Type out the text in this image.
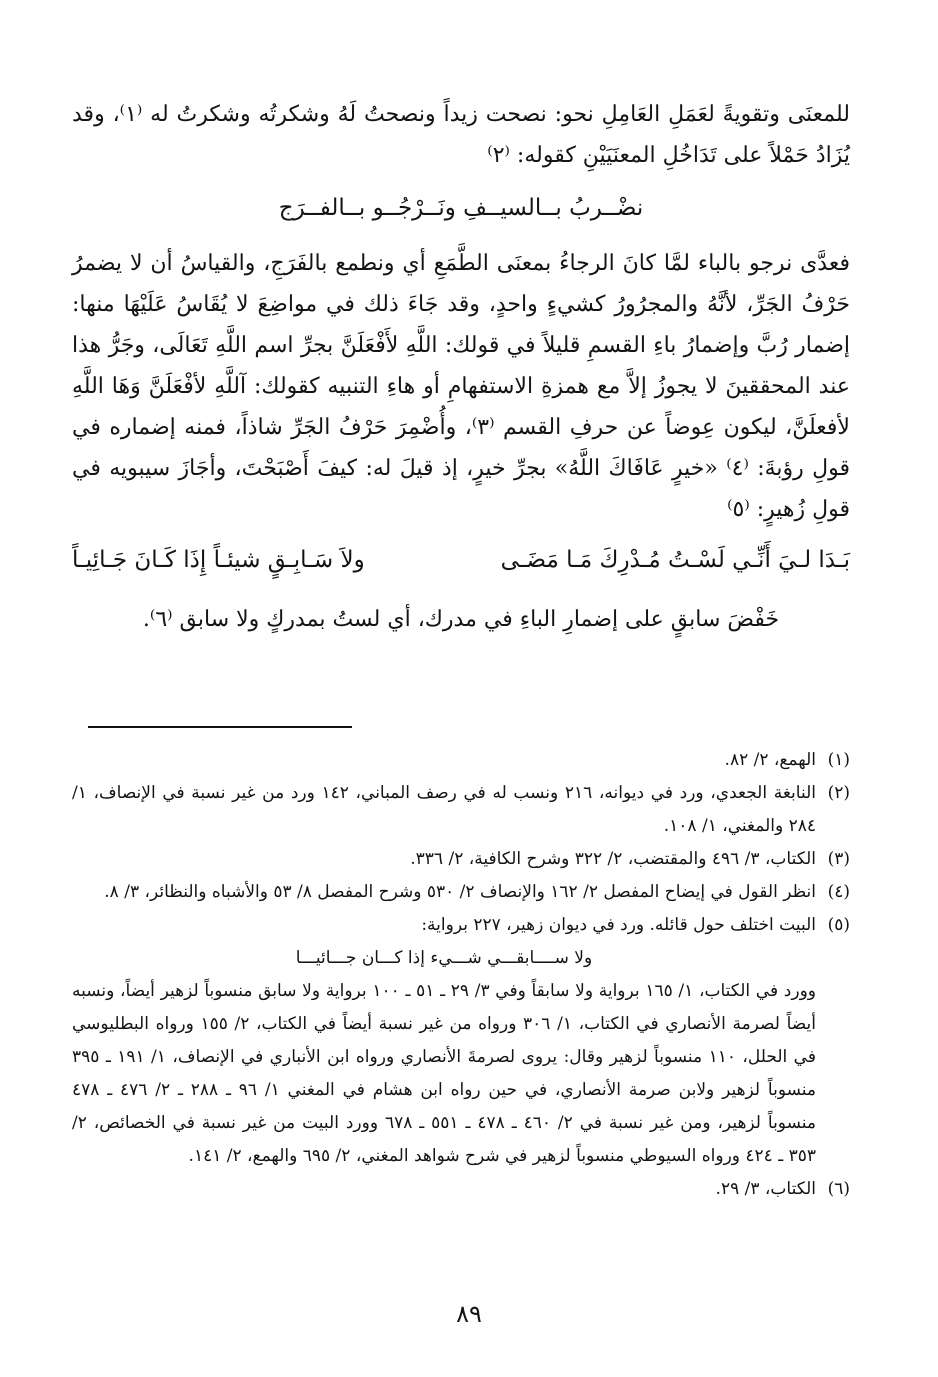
للمعنَى وتقويةً لعَمَلِ العَامِلِ نحو: نصحت زيداً ونصحتُ لَهُ وشكرتُه وشكرتُ له ⁽١⁾، وقد يُزَادُ حَمْلاً على تَدَاخُلِ المعنَيَيْنِ كقوله: ⁽٢⁾

نضْــربُ بــالسيــفِ ونَــرْجُــو بــالفــرَج

فعدَّى نرجو بالباء لمَّا كانَ الرجاءُ بمعنَى الطَّمَعِ أي ونطمع بالفَرَجِ، والقياسُ أن لا يضمرُ حَرْفُ الجَرِّ، لأنَّهُ والمجرُورُ كشيءٍ واحدٍ، وقد جَاءَ ذلك في مواضِعَ لا يُقَاسُ عَلَيْهَا منها: إضمار رُبَّ وإضمارُ باءِ القسمِ قليلاً في قولك: اللَّهِ لأَفْعَلَنَّ بجرِّ اسم اللَّهِ تَعَالَى، وجَرُّ هذا عند المحققينَ لا يجوزُ إلاَّ مع همزةِ الاستفهامِ أو هاءِ التنبيه كقولك: آللَّهِ لأفْعَلَنَّ وَهَا اللَّهِ لأفعلَنَّ، ليكون عِوضاً عن حرفِ القسم ⁽٣⁾، وأُضْمِرَ حَرْفُ الجَرِّ شاذاً، فمنه إضماره في قولِ رؤبةَ: ⁽٤⁾ «خيرٍ عَافَاكَ اللَّهُ» بجرِّ خيرٍ، إذ قيلَ له: كيفَ أَصْبَحْتَ، وأجَازَ سيبويه في قولِ زُهيرٍ: ⁽٥⁾

بَـدَا لـيَ أَنِّـي لَسْـتُ مُـدْرِكَ مَـا مَضَـى
ولاَ سَـابِـقٍ شيئـاً إِذَا كَـانَ جَـائِيـاً

خَفْضَ سابقٍ على إضمارِ الباءِ في مدرك، أي لستُ بمدركٍ ولا سابق ⁽٦⁾.

(١)
الهمع، ٢/ ٨٢.

(٢)
النابغة الجعدي، ورد في ديوانه، ٢١٦ ونسب له في رصف المباني، ١٤٢ ورد من غير نسبة في الإنصاف، ١/ ٢٨٤ والمغني، ١/ ١٠٨.

(٣)
الكتاب، ٣/ ٤٩٦ والمقتضب، ٢/ ٣٢٢ وشرح الكافية، ٢/ ٣٣٦.

(٤)
انظر القول في إيضاح المفصل ٢/ ١٦٢ والإنصاف ٢/ ٥٣٠ وشرح المفصل ٨/ ٥٣ والأشباه والنظائر، ٣/ ٨.

(٥)

البيت اختلف حول قائله. ورد في ديوان زهير، ٢٢٧ برواية:

ولا ســــابقـــي شـــيء إذا كـــان جـــائيـــا

وورد في الكتاب، ١/ ١٦٥ برواية ولا سابقاً وفي ٣/ ٢٩ ـ ٥١ ـ ١٠٠ برواية ولا سابق منسوباً لزهير أيضاً، ونسبه أيضاً لصرمة الأنصاري في الكتاب، ١/ ٣٠٦ ورواه من غير نسبة أيضاً في الكتاب، ٢/ ١٥٥ ورواه البطليوسي في الحلل، ١١٠ منسوباً لزهير وقال: يروى لصرمةَ الأنصاري ورواه ابن الأنباري في الإنصاف، ١/ ١٩١ ـ ٣٩٥ منسوباً لزهير ولابن صرمة الأنصاري، في حين رواه ابن هشام في المغني ١/ ٩٦ ـ ٢٨٨ ـ ٢/ ٤٧٦ ـ ٤٧٨ منسوباً لزهير، ومن غير نسبة في ٢/ ٤٦٠ ـ ٤٧٨ ـ ٥٥١ ـ ٦٧٨ وورد البيت من غير نسبة في الخصائص، ٢/ ٣٥٣ ـ ٤٢٤ ورواه السيوطي منسوباً لزهير في شرح شواهد المغني، ٢/ ٦٩٥ والهمع، ٢/ ١٤١.

(٦)
الكتاب، ٣/ ٢٩.

٨٩
